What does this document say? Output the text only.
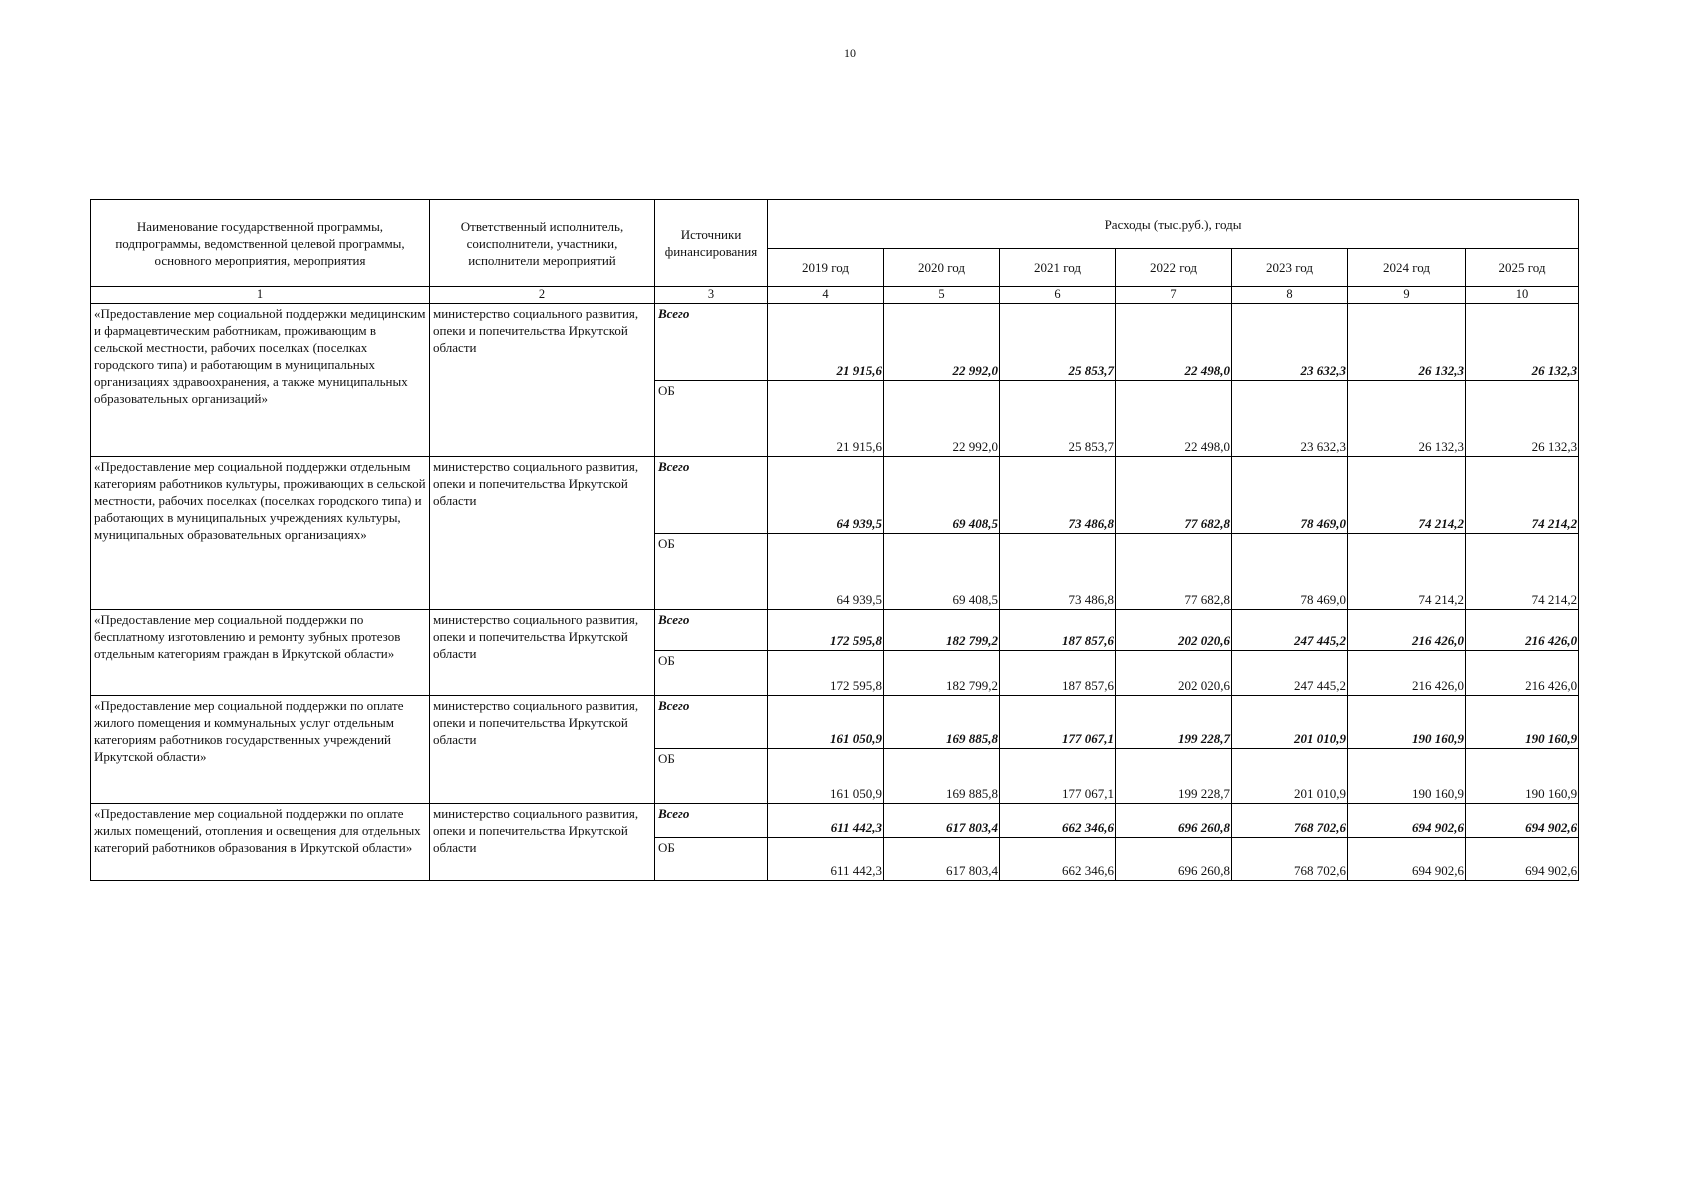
10
Наименование государственной программы, подпрограммы, ведомственной целевой программы, основного мероприятия, мероприятия	Ответственный исполнитель, соисполнители, участники, исполнители мероприятий	Источники финансирования	Расходы (тыс.руб.), годы						
			2019 год	2020 год	2021 год	2022 год	2023 год	2024 год	2025 год
1	2	3	4	5	6	7	8	9	10
«Предоставление мер социальной поддержки медицинским и фармацевтическим работникам, проживающим в сельской местности, рабочих поселках (поселках городского типа) и работающим в муниципальных организациях здравоохранения, а также муниципальных образовательных организаций»	министерство социального развития, опеки и попечительства Иркутской области	Всего	21 915,6	22 992,0	25 853,7	22 498,0	23 632,3	26 132,3	26 132,3
		ОБ	21 915,6	22 992,0	25 853,7	22 498,0	23 632,3	26 132,3	26 132,3
«Предоставление мер социальной поддержки отдельным категориям работников культуры, проживающих в сельской местности, рабочих поселках (поселках городского типа) и работающих в муниципальных учреждениях культуры, муниципальных образовательных организациях»	министерство социального развития, опеки и попечительства Иркутской области	Всего	64 939,5	69 408,5	73 486,8	77 682,8	78 469,0	74 214,2	74 214,2
		ОБ	64 939,5	69 408,5	73 486,8	77 682,8	78 469,0	74 214,2	74 214,2
«Предоставление мер социальной поддержки по бесплатному изготовлению и ремонту зубных протезов отдельным категориям граждан в Иркутской области»	министерство социального развития, опеки и попечительства Иркутской области	Всего	172 595,8	182 799,2	187 857,6	202 020,6	247 445,2	216 426,0	216 426,0
		ОБ	172 595,8	182 799,2	187 857,6	202 020,6	247 445,2	216 426,0	216 426,0
«Предоставление мер социальной поддержки по оплате жилого помещения и коммунальных услуг отдельным категориям работников государственных учреждений Иркутской области»	министерство социального развития, опеки и попечительства Иркутской области	Всего	161 050,9	169 885,8	177 067,1	199 228,7	201 010,9	190 160,9	190 160,9
		ОБ	161 050,9	169 885,8	177 067,1	199 228,7	201 010,9	190 160,9	190 160,9
«Предоставление мер социальной поддержки по оплате жилых помещений, отопления и освещения для отдельных категорий работников образования в Иркутской области»	министерство социального развития, опеки и попечительства Иркутской области	Всего	611 442,3	617 803,4	662 346,6	696 260,8	768 702,6	694 902,6	694 902,6
		ОБ	611 442,3	617 803,4	662 346,6	696 260,8	768 702,6	694 902,6	694 902,6
